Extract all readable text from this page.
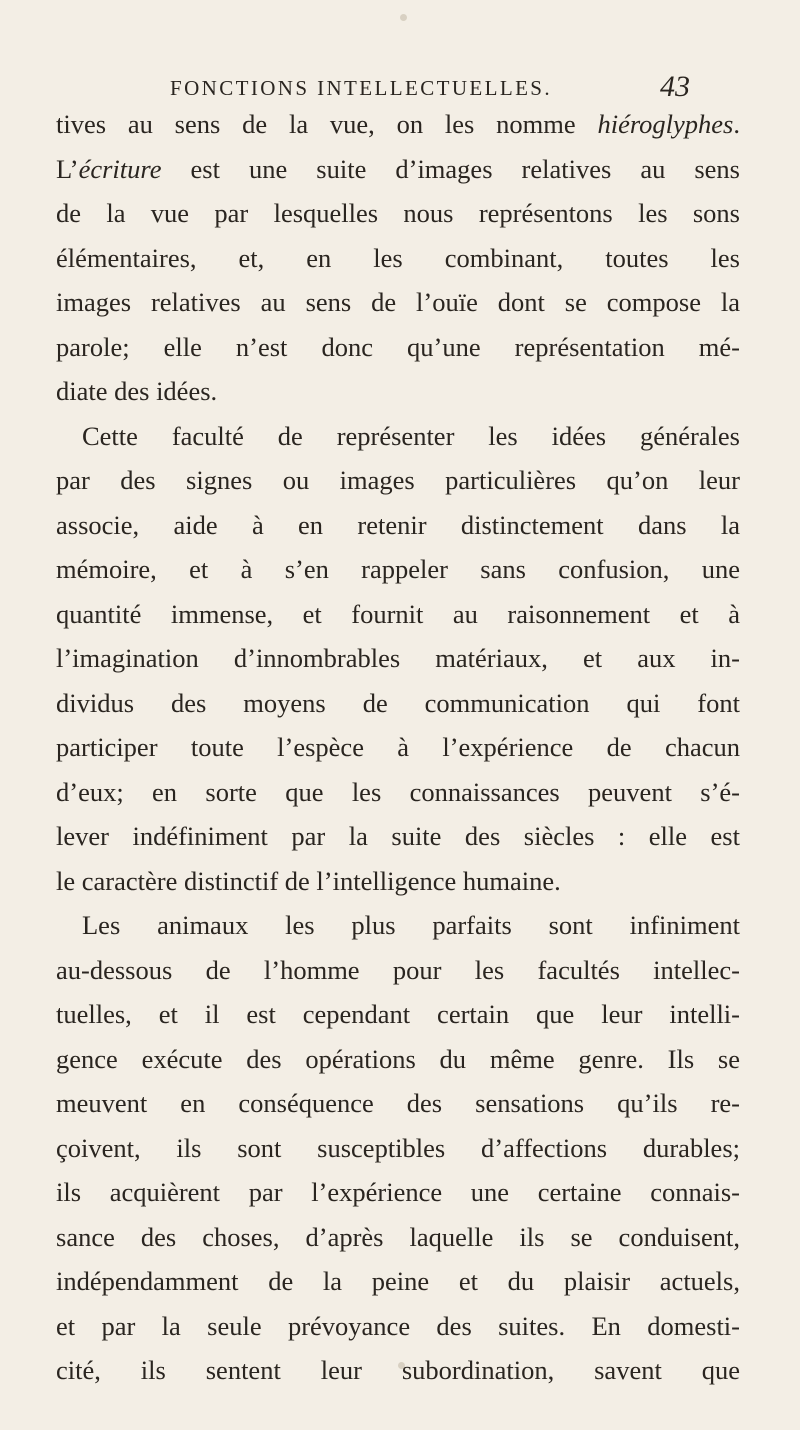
FONCTIONS INTELLECTUELLES.	43
tives au sens de la vue, on les nomme hiéroglyphes.
L’écriture est une suite d’images relatives au sens
de la vue par lesquelles nous représentons les sons
élémentaires, et, en les combinant, toutes les
images relatives au sens de l’ouïe dont se compose la
parole; elle n’est donc qu’une représentation mé-
diate des idées.
Cette faculté de représenter les idées générales
par des signes ou images particulières qu’on leur
associe, aide à en retenir distinctement dans la
mémoire, et à s’en rappeler sans confusion, une
quantité immense, et fournit au raisonnement et à
l’imagination d’innombrables matériaux, et aux in-
dividus des moyens de communication qui font
participer toute l’espèce à l’expérience de chacun
d’eux; en sorte que les connaissances peuvent s’é-
lever indéfiniment par la suite des siècles : elle est
le caractère distinctif de l’intelligence humaine.
Les animaux les plus parfaits sont infiniment
au-dessous de l’homme pour les facultés intellec-
tuelles, et il est cependant certain que leur intelli-
gence exécute des opérations du même genre. Ils se
meuvent en conséquence des sensations qu’ils re-
çoivent, ils sont susceptibles d’affections durables;
ils acquièrent par l’expérience une certaine connais-
sance des choses, d’après laquelle ils se conduisent,
indépendamment de la peine et du plaisir actuels,
et par la seule prévoyance des suites. En domesti-
cité, ils sentent leur subordination, savent que
